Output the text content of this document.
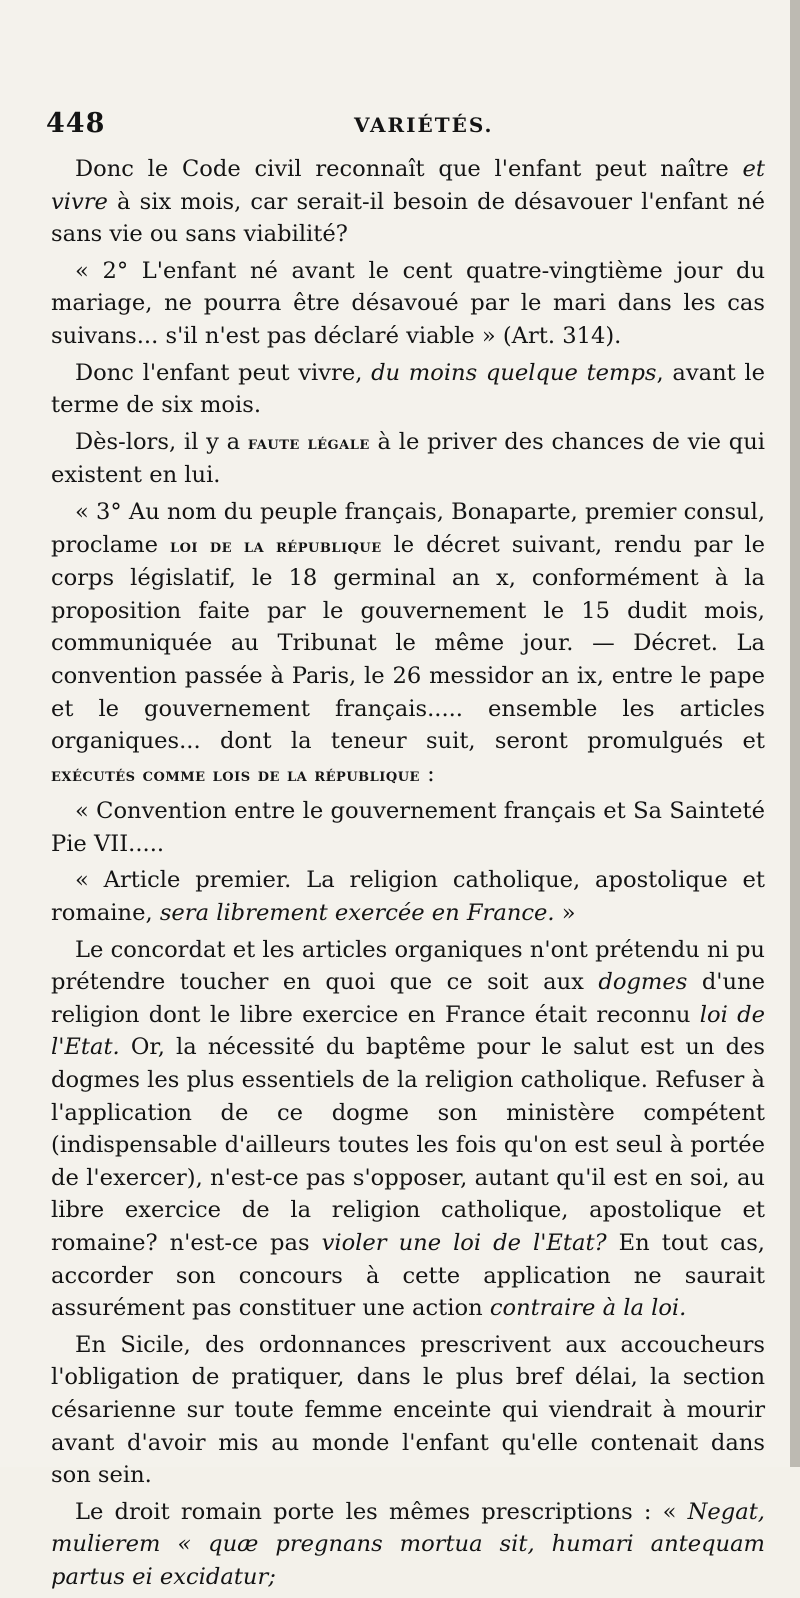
448	VARIÉTÉS.

Donc le Code civil reconnaît que l'enfant peut naître et vivre à six mois, car serait-il besoin de désavouer l'enfant né sans vie ou sans viabilité?

« 2° L'enfant né avant le cent quatre-vingtième jour du mariage, ne pourra être désavoué par le mari dans les cas suivans... s'il n'est pas déclaré viable » (Art. 314).

Donc l'enfant peut vivre, du moins quelque temps, avant le terme de six mois.

Dès-lors, il y a faute légale à le priver des chances de vie qui existent en lui.

« 3° Au nom du peuple français, Bonaparte, premier consul, proclame loi de la république le décret suivant, rendu par le corps législatif, le 18 germinal an x, conformément à la proposition faite par le gouvernement le 15 dudit mois, communiquée au Tribunat le même jour. — Décret. La convention passée à Paris, le 26 messidor an ix, entre le pape et le gouvernement français..... ensemble les articles organiques... dont la teneur suit, seront promulgués et exécutés comme lois de la république :

« Convention entre le gouvernement français et Sa Sainteté Pie VII.....

« Article premier. La religion catholique, apostolique et romaine, sera librement exercée en France. »

Le concordat et les articles organiques n'ont prétendu ni pu prétendre toucher en quoi que ce soit aux dogmes d'une religion dont le libre exercice en France était reconnu loi de l'Etat. Or, la nécessité du baptême pour le salut est un des dogmes les plus essentiels de la religion catholique. Refuser à l'application de ce dogme son ministère compétent (indispensable d'ailleurs toutes les fois qu'on est seul à portée de l'exercer), n'est-ce pas s'opposer, autant qu'il est en soi, au libre exercice de la religion catholique, apostolique et romaine? n'est-ce pas violer une loi de l'Etat? En tout cas, accorder son concours à cette application ne saurait assurément pas constituer une action contraire à la loi.

En Sicile, des ordonnances prescrivent aux accoucheurs l'obligation de pratiquer, dans le plus bref délai, la section césarienne sur toute femme enceinte qui viendrait à mourir avant d'avoir mis au monde l'enfant qu'elle contenait dans son sein.

Le droit romain porte les mêmes prescriptions : « Negat, mulierem « quæ pregnans mortua sit, humari antequam partus ei excidatur;
